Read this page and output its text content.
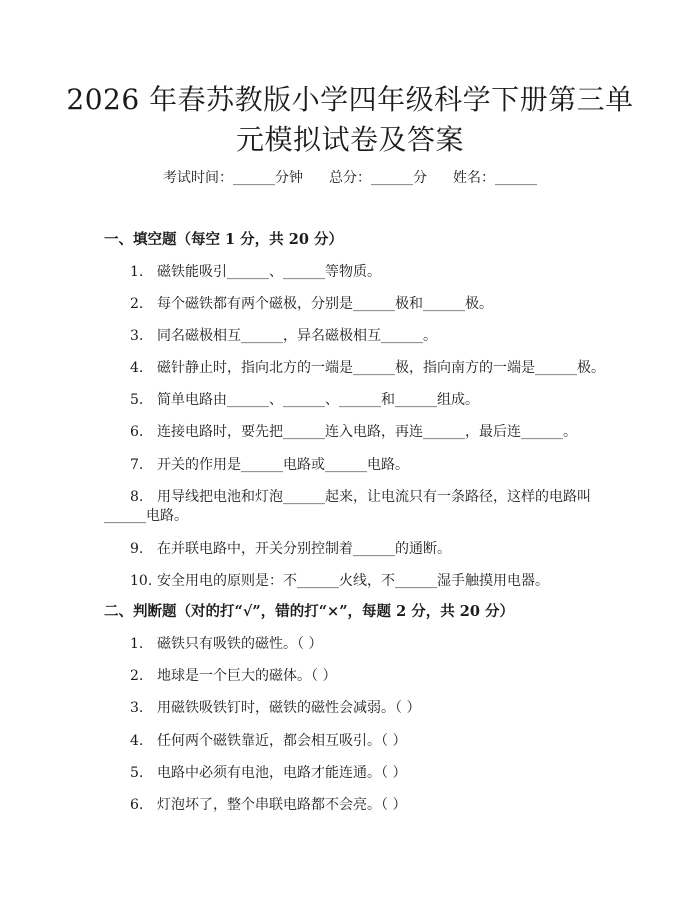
2026 年春苏教版小学四年级科学下册第三单
元模拟试卷及答案
考试时间：______分钟 总分：______分 姓名：______
一、填空题（每空 1 分，共 20 分）
1. 磁铁能吸引______、______等物质。
2. 每个磁铁都有两个磁极，分别是______极和______极。
3. 同名磁极相互______，异名磁极相互______。
4. 磁针静止时，指向北方的一端是______极，指向南方的一端是______极。
5. 简单电路由______、______、______和______组成。
6. 连接电路时，要先把______连入电路，再连______，最后连______。
7. 开关的作用是______电路或______电路。
8. 用导线把电池和灯泡______起来，让电流只有一条路径，这样的电路叫
______电路。
9. 在并联电路中，开关分别控制着______的通断。
10. 安全用电的原则是：不______火线，不______湿手触摸用电器。
二、判断题（对的打“√”，错的打“×”，每题 2 分，共 20 分）
1. 磁铁只有吸铁的磁性。（ ）
2. 地球是一个巨大的磁体。（ ）
3. 用磁铁吸铁钉时，磁铁的磁性会减弱。（ ）
4. 任何两个磁铁靠近，都会相互吸引。（ ）
5. 电路中必须有电池，电路才能连通。（ ）
6. 灯泡坏了，整个串联电路都不会亮。（ ）
